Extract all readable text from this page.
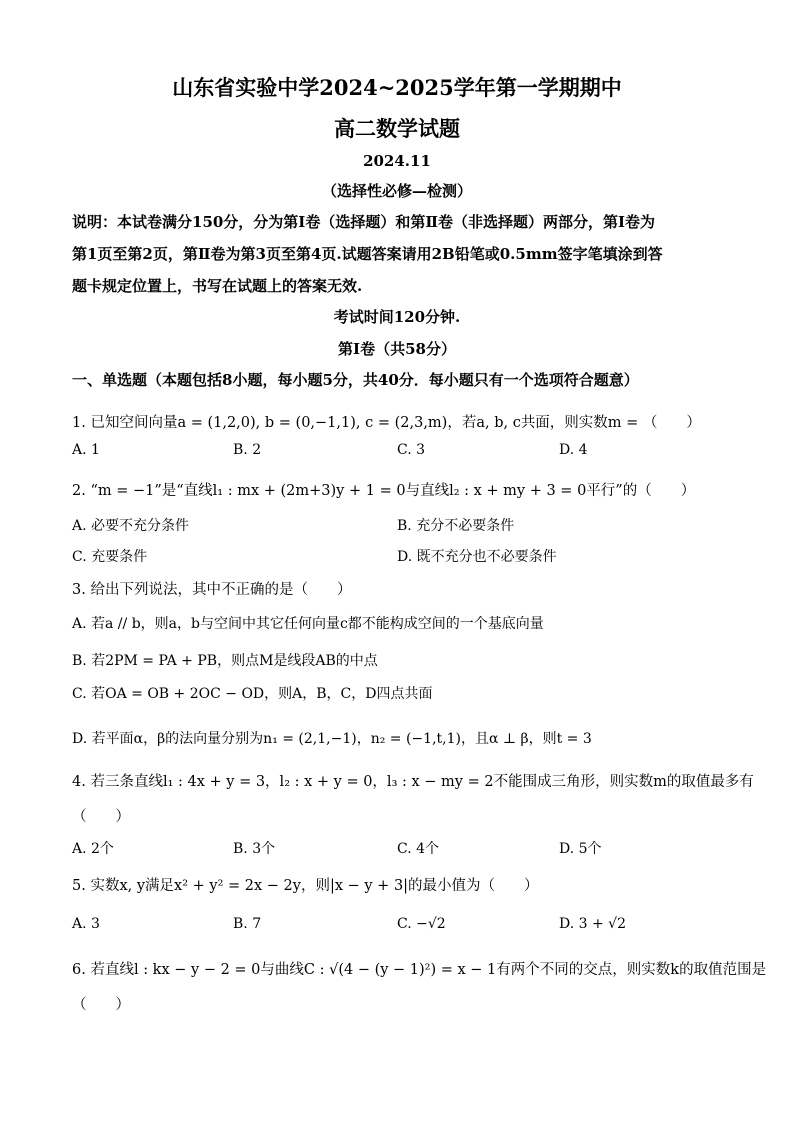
山东省实验中学2024~2025学年第一学期期中
高二数学试题
2024.11
（选择性必修—检测）
说明：本试卷满分150分，分为第Ⅰ卷（选择题）和第Ⅱ卷（非选择题）两部分，第Ⅰ卷为
第1页至第2页，第Ⅱ卷为第3页至第4页.试题答案请用2B铅笔或0.5mm签字笔填涂到答
题卡规定位置上，书写在试题上的答案无效.
考试时间120分钟.
第Ⅰ卷（共58分）
一、单选题（本题包括8小题，每小题5分，共40分．每小题只有一个选项符合题意）
1. 已知空间向量a = (1,2,0), b = (0,−1,1), c = (2,3,m)，若a, b, c共面，则实数m = （　　）
A. 1	B. 2	C. 3	D. 4
2. “m = −1”是“直线l₁ : mx + (2m+3)y + 1 = 0与直线l₂ : x + my + 3 = 0平行”的（　　）
A. 必要不充分条件	B. 充分不必要条件
C. 充要条件	D. 既不充分也不必要条件
3. 给出下列说法，其中不正确的是（　　）
A. 若a // b，则a，b与空间中其它任何向量c都不能构成空间的一个基底向量
B. 若2PM = PA + PB，则点M是线段AB的中点
C. 若OA = OB + 2OC − OD，则A，B，C，D四点共面
D. 若平面α，β的法向量分别为n₁ = (2,1,−1)，n₂ = (−1,t,1)，且α ⊥ β，则t = 3
4. 若三条直线l₁ : 4x + y = 3，l₂ : x + y = 0，l₃ : x − my = 2不能围成三角形，则实数m的取值最多有
（　　）
A. 2个	B. 3个	C. 4个	D. 5个
5. 实数x, y满足x² + y² = 2x − 2y，则|x − y + 3|的最小值为（　　）
A. 3	B. 7	C. −√2	D. 3 + √2
6. 若直线l : kx − y − 2 = 0与曲线C : √(4 − (y − 1)²) = x − 1有两个不同的交点，则实数k的取值范围是
（　　）
